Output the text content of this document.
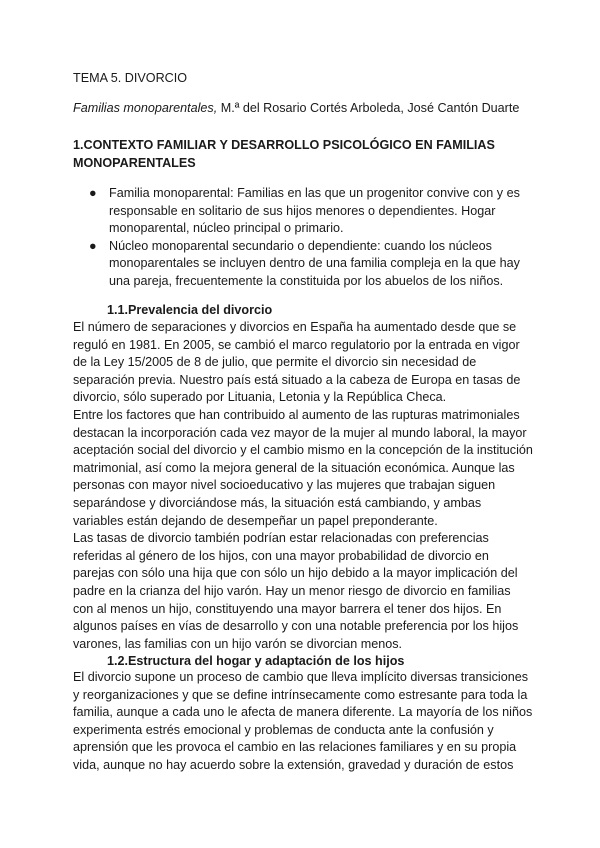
TEMA 5. DIVORCIO

Familias monoparentales, M.ª del Rosario Cortés Arboleda, José Cantón Duarte

1.CONTEXTO FAMILIAR Y DESARROLLO PSICOLÓGICO EN FAMILIAS MONOPARENTALES

● Familia monoparental: Familias en las que un progenitor convive con y es responsable en solitario de sus hijos menores o dependientes. Hogar monoparental, núcleo principal o primario.
● Núcleo monoparental secundario o dependiente: cuando los núcleos monoparentales se incluyen dentro de una familia compleja en la que hay una pareja, frecuentemente la constituida por los abuelos de los niños.

1.1.Prevalencia del divorcio

El número de separaciones y divorcios en España ha aumentado desde que se reguló en 1981. En 2005, se cambió el marco regulatorio por la entrada en vigor de la Ley 15/2005 de 8 de julio, que permite el divorcio sin necesidad de separación previa. Nuestro país está situado a la cabeza de Europa en tasas de divorcio, sólo superado por Lituania, Letonia y la República Checa.

Entre los factores que han contribuido al aumento de las rupturas matrimoniales destacan la incorporación cada vez mayor de la mujer al mundo laboral, la mayor aceptación social del divorcio y el cambio mismo en la concepción de la institución matrimonial, así como la mejora general de la situación económica. Aunque las personas con mayor nivel socioeducativo y las mujeres que trabajan siguen separándose y divorciándose más, la situación está cambiando, y ambas variables están dejando de desempeñar un papel preponderante.

Las tasas de divorcio también podrían estar relacionadas con preferencias referidas al género de los hijos, con una mayor probabilidad de divorcio en parejas con sólo una hija que con sólo un hijo debido a la mayor implicación del padre en la crianza del hijo varón. Hay un menor riesgo de divorcio en familias con al menos un hijo, constituyendo una mayor barrera el tener dos hijos. En algunos países en vías de desarrollo y con una notable preferencia por los hijos varones, las familias con un hijo varón se divorcian menos.

1.2.Estructura del hogar y adaptación de los hijos

El divorcio supone un proceso de cambio que lleva implícito diversas transiciones y reorganizaciones y que se define intrínsecamente como estresante para toda la familia, aunque a cada uno le afecta de manera diferente. La mayoría de los niños experimenta estrés emocional y problemas de conducta ante la confusión y aprensión que les provoca el cambio en las relaciones familiares y en su propia vida, aunque no hay acuerdo sobre la extensión, gravedad y duración de estos
